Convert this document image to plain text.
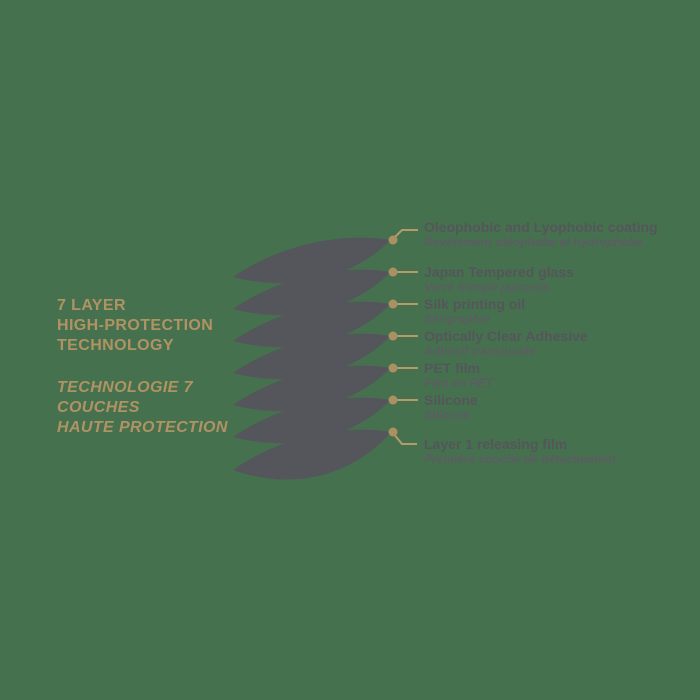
7 LAYER
HIGH-PROTECTION
TECHNOLOGY
TECHNOLOGIE 7
COUCHES
HAUTE PROTECTION
Oleophobic and Lyophobic coating
Revêtement oléophobe et hydrophobe
Japan Tempered glass
Verre trempé japonais
Silk printing oil
Sérigraphie
Optically Clear Adhesive
Adhésif translucide
PET film
Film en PET
Silicone
Silicone
Layer 1 releasing film
Première couche de détachement
